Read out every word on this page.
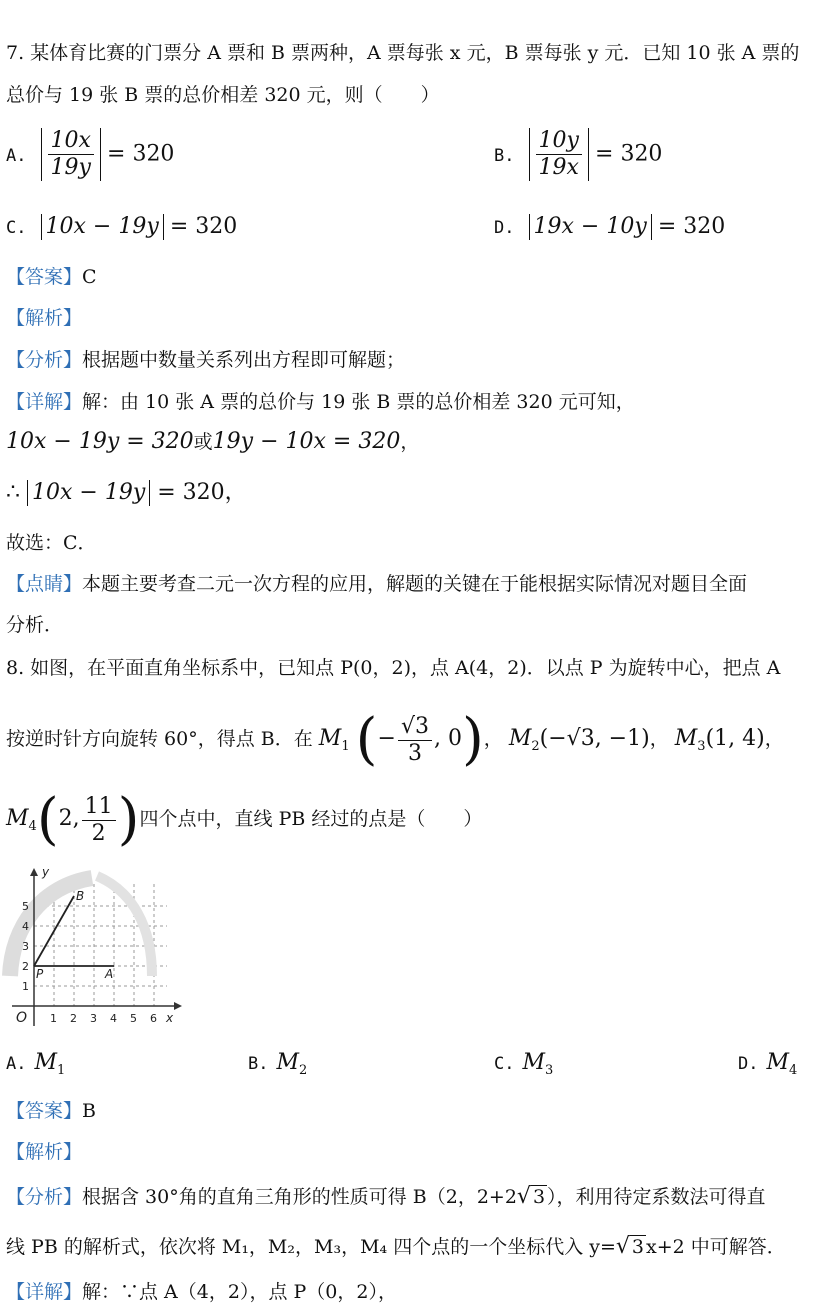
7. 某体育比赛的门票分 A 票和 B 票两种，A 票每张 x 元，B 票每张 y 元．已知 10 张 A 票的
总价与 19 张 B 票的总价相差 320 元，则（　　）
A. $\frac{10x}{19y} = 320$	B. $\frac{10y}{19x} = 320$
C. 10x − 19y = 320	D. 19x − 10y = 320
【答案】C
【解析】
【分析】根据题中数量关系列出方程即可解题；
【详解】解：由 10 张 A 票的总价与 19 张 B 票的总价相差 320 元可知，
10x − 19y = 320或19y − 10x = 320，
∴ 10x − 19y = 320，
故选：C．
【点睛】本题主要考查二元一次方程的应用，解题的关键在于能根据实际情况对题目全面
分析．
8. 如图，在平面直角坐标系中，已知点 P(0，2)，点 A(4，2)．以点 P 为旋转中心，把点 A
按逆时针方向旋转 60°，得点 B．在 $M_1$ (− $\frac{√3}{3}$ , 0)， $M_2(-√3$, −1)， $M_3(1$, 4)，
$M_4(2$, $\frac{11}{2}$ )四个点中，直线 PB 经过的点是（　　）
y
x
O
P	A
B
1 2 3 4 5 6
1
2
3
4
5
A. $M_1$	B. $M_2$	C. $M_3$	D. $M_4$
【答案】B
【解析】
【分析】根据含 30°角的直角三角形的性质可得 B（2，2+2√ 3 ），利用待定系数法可得直
线 PB 的解析式，依次将 M₁，M₂，M₃，M₄ 四个点的一个坐标代入 y=√ 3 x+2 中可解答．
【详解】解：∵点 A（4，2），点 P（0，2），
